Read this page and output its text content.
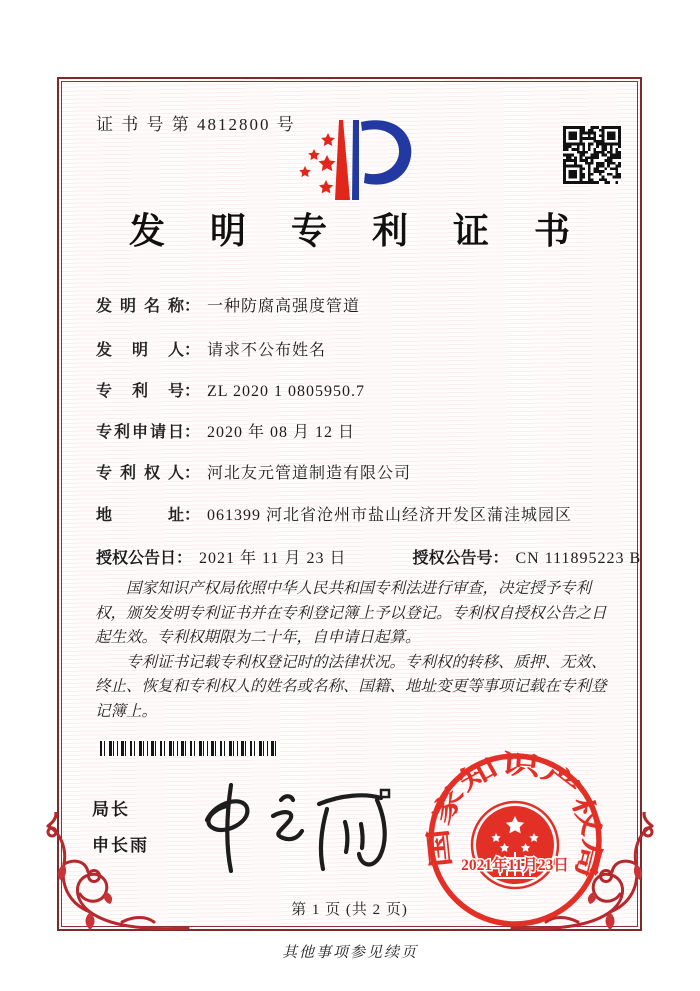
证 书 号 第 4812800 号
发 明 专 利 证 书
发明名称： 一种防腐高强度管道
发明人： 请求不公布姓名
专利号： ZL 2020 1 0805950.7
专利申请日： 2020 年 08 月 12 日
专利权人： 河北友元管道制造有限公司
地址： 061399 河北省沧州市盐山经济开发区蒲洼城园区
授权公告日： 2021 年 11 月 23 日	授权公告号： CN 111895223 B

国家知识产权局依照中华人民共和国专利法进行审查，决定授予专利权，颁发发明专利证书并在专利登记簿上予以登记。专利权自授权公告之日起生效。专利权期限为二十年，自申请日起算。

专利证书记载专利权登记时的法律状况。专利权的转移、质押、无效、终止、恢复和专利权人的姓名或名称、国籍、地址变更等事项记载在专利登记簿上。

局长
申长雨	国家知识产权局
2021年11月23日
第 1 页 (共 2 页)
其他事项参见续页
